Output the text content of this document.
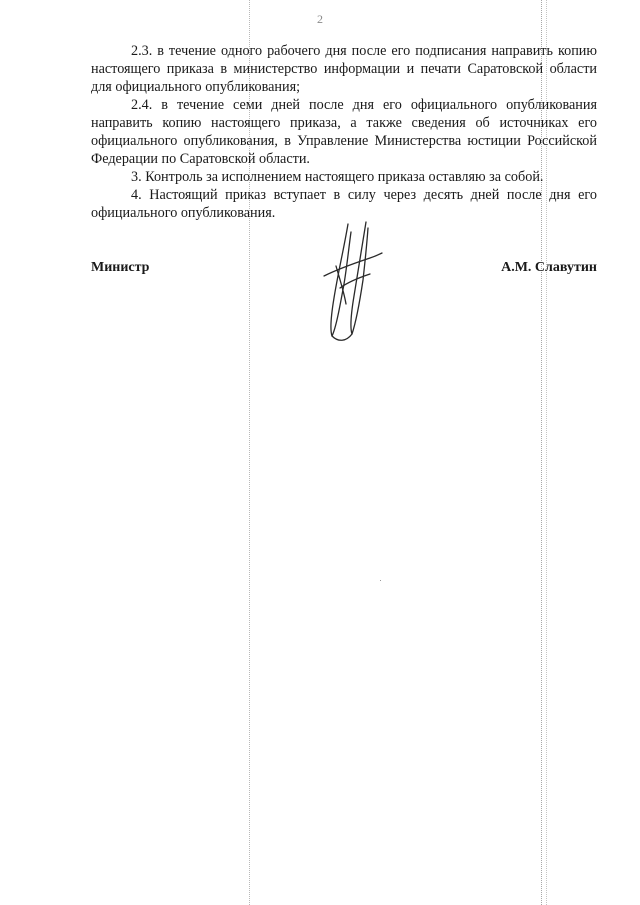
2

2.3. в течение одного рабочего дня после его подписания направить копию настоящего приказа в министерство информации и печати Саратовской области для официального опубликования;

2.4. в течение семи дней после дня его официального опубликования направить копию настоящего приказа, а также сведения об источниках его официального опубликования, в Управление Министерства юстиции Российской Федерации по Саратовской области.

3. Контроль за исполнением настоящего приказа оставляю за собой.

4. Настоящий приказ вступает в силу через десять дней после дня его официального опубликования.

Министр	А.М. Славутин
